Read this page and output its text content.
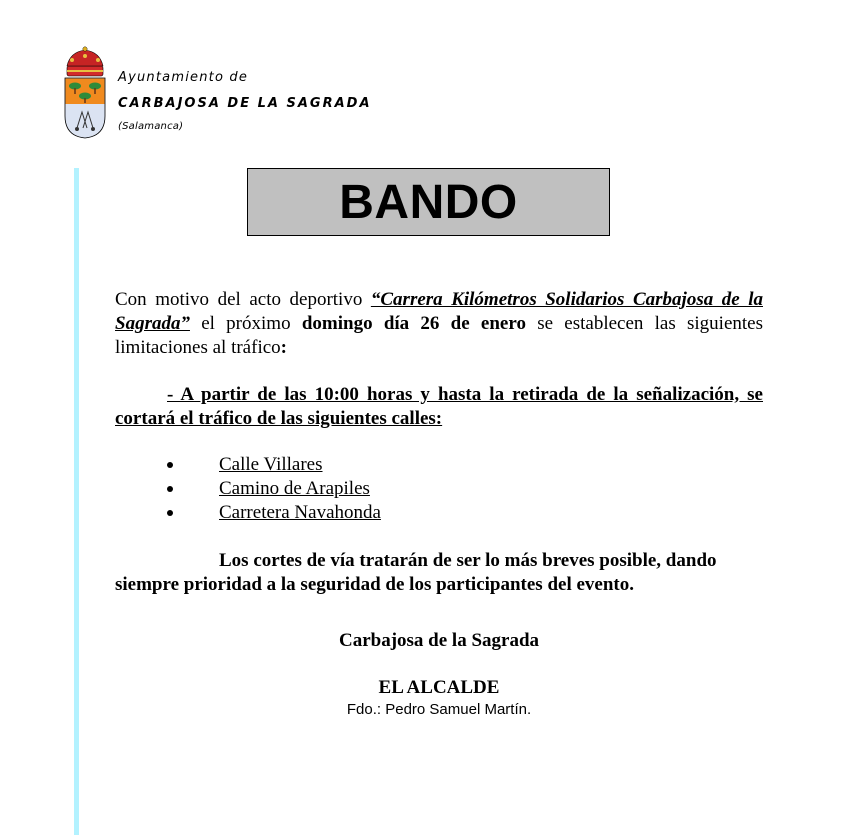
Ayuntamiento de
CARBAJOSA DE LA SAGRADA
(Salamanca)
BANDO
Con motivo del acto deportivo “Carrera Kilómetros Solidarios Carbajosa de la Sagrada” el próximo domingo día 26 de enero se establecen las siguientes limitaciones al tráfico:
- A partir de las 10:00 horas y hasta la retirada de la señalización, se cortará el tráfico de las siguientes calles:
Calle Villares
Camino de Arapiles
Carretera Navahonda
Los cortes de vía tratarán de ser lo más breves posible, dando siempre prioridad a la seguridad de los participantes del evento.
Carbajosa de la Sagrada
EL ALCALDE
Fdo.: Pedro Samuel Martín.
